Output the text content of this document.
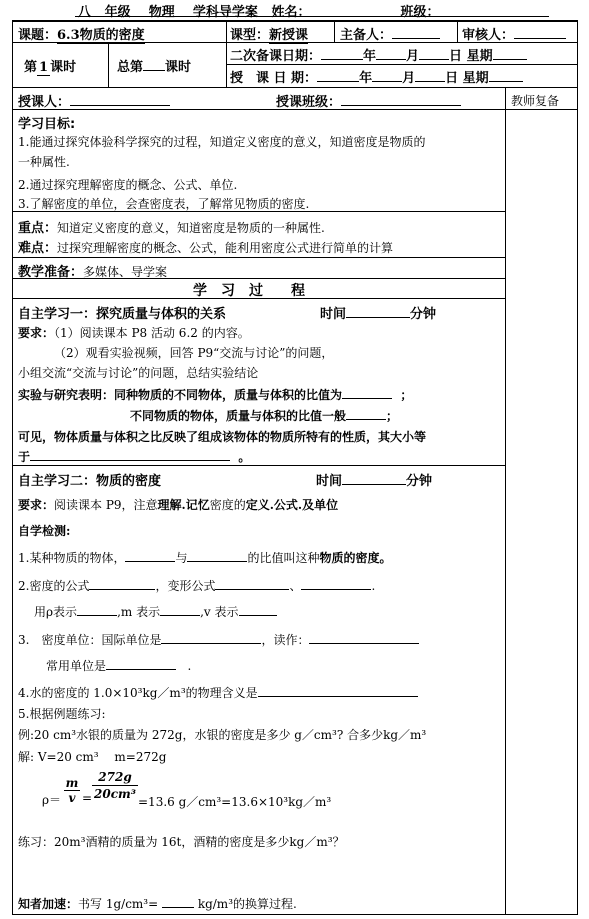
八 年级 物理 学科导学案 姓名：	班级：
课题：6.3物质的密度	课型：新授课 主备人：	审核人：
第 1 课时	总第 课时
二次备课日期：	年 月 日 星期
授　课 日 期：	年 月 日 星期
授课人：	授课班级：	教师复备
学习目标:
1.能通过探究体验科学探究的过程，知道定义密度的意义，知道密度是物质的
一种属性.
2.通过探究理解密度的概念、公式、单位.
3.了解密度的单位，会查密度表，了解常见物质的密度.
重点：知道定义密度的意义，知道密度是物质的一种属性.
难点：过探究理解密度的概念、公式，能利用密度公式进行简单的计算
教学准备：多媒体、导学案
学　习　过　　程
自主学习一：探究质量与体积的关系	时间	分钟
要求：（1）阅读课本 P8 活动 6.2 的内容。
（2）观看实验视频，回答 P9“交流与讨论”的问题，
小组交流“交流与讨论”的问题，总结实验结论
实验与研究表明：同种物质的不同物体，质量与体积的比值为	；
不同物质的物体，质量与体积的比值一般	；
可见，物体质量与体积之比反映了组成该物体的物质所特有的性质，其大小等
于	。
自主学习二：物质的密度	时间	分钟
要求：阅读课本 P9，注意理解.记忆密度的定义.公式.及单位
自学检测:
1.某种物质的物体，	与	的比值叫这种物质的密度。
2.密度的公式	，变形公式	、	.
用ρ表示	,m 表示	,v 表示
3.　密度单位：国际单位是	，读作：
常用单位是	.
4.水的密度的 1.0×10³kg／m³的物理含义是
5.根据例题练习:
例:20 cm³水银的质量为 272g，水银的密度是多少 g／cm³? 合多少kg／m³
解: V=20 cm³　 m=272g
$\rho= \frac{m}{v} = \frac{272g}{\text{20cm³}}$
=13.6 g／cm³=13.6×10³kg／m³
练习：20m³酒精的质量为 16t，酒精的密度是多少kg／m³？
知者加速：书写 1g/cm³=	kg/m³的换算过程.
